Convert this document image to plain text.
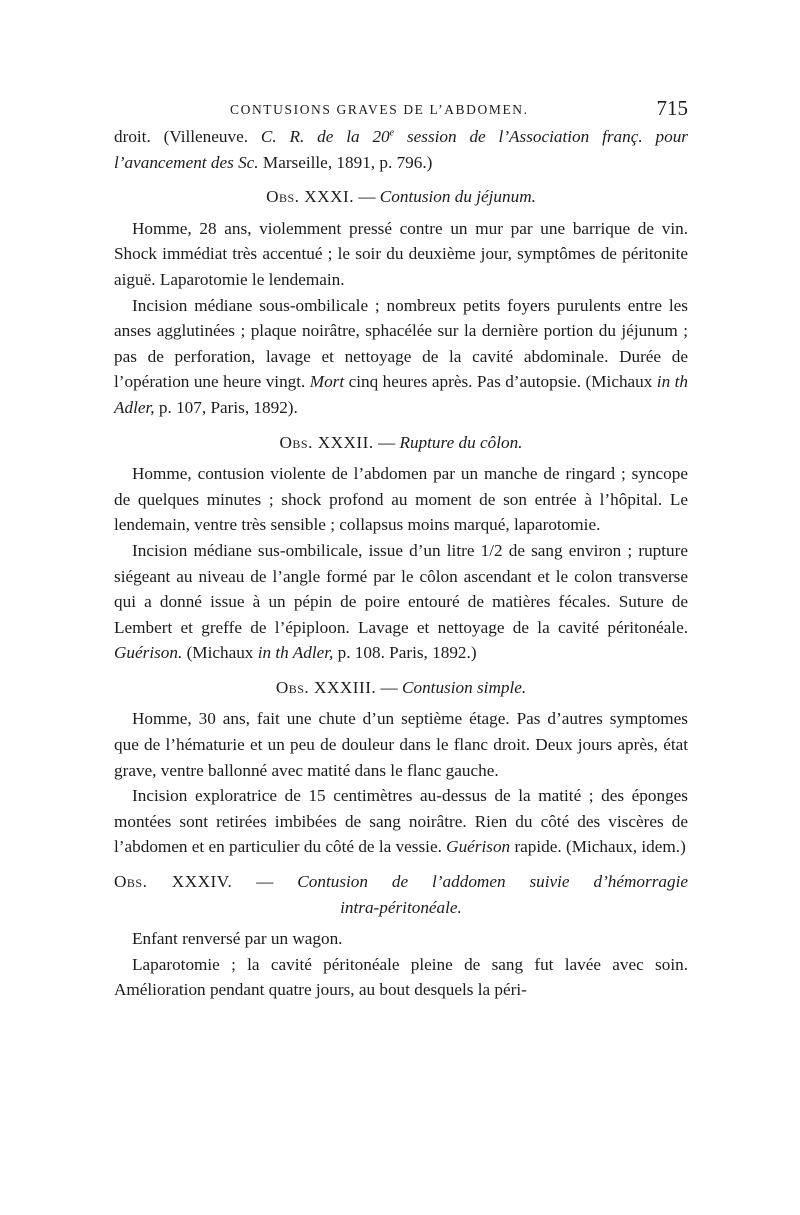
CONTUSIONS GRAVES DE L’ABDOMEN.	715

droit. (Villeneuve. C. R. de la 20e session de l’Association franç. pour l’avancement des Sc. Marseille, 1891, p. 796.)

Obs. XXXI. — Contusion du jéjunum.

Homme, 28 ans, violemment pressé contre un mur par une barrique de vin. Shock immédiat très accentué ; le soir du deuxième jour, symptômes de péritonite aiguë. Laparotomie le lendemain.

Incision médiane sous-ombilicale ; nombreux petits foyers purulents entre les anses agglutinées ; plaque noirâtre, sphacélée sur la dernière portion du jéjunum ; pas de perforation, lavage et nettoyage de la cavité abdominale. Durée de l’opération une heure vingt. Mort cinq heures après. Pas d’autopsie. (Michaux in th Adler, p. 107, Paris, 1892).

Obs. XXXII. — Rupture du côlon.

Homme, contusion violente de l’abdomen par un manche de ringard ; syncope de quelques minutes ; shock profond au moment de son entrée à l’hôpital. Le lendemain, ventre très sensible ; collapsus moins marqué, laparotomie.

Incision médiane sus-ombilicale, issue d’un litre 1/2 de sang environ ; rupture siégeant au niveau de l’angle formé par le côlon ascendant et le colon transverse qui a donné issue à un pépin de poire entouré de matières fécales. Suture de Lembert et greffe de l’épiploon. Lavage et nettoyage de la cavité péritonéale. Guérison. (Michaux in th Adler, p. 108. Paris, 1892.)

Obs. XXXIII. — Contusion simple.

Homme, 30 ans, fait une chute d’un septième étage. Pas d’autres symptomes que de l’hématurie et un peu de douleur dans le flanc droit. Deux jours après, état grave, ventre ballonné avec matité dans le flanc gauche.

Incision exploratrice de 15 centimètres au-dessus de la matité ; des éponges montées sont retirées imbibées de sang noirâtre. Rien du côté des viscères de l’abdomen et en particulier du côté de la vessie. Guérison rapide. (Michaux, idem.)

Obs. XXXIV. — Contusion de l’addomen suivie d’hémorragie
intra-péritonéale.

Enfant renversé par un wagon.

Laparotomie ; la cavité péritonéale pleine de sang fut lavée avec soin. Amélioration pendant quatre jours, au bout desquels la péri-
